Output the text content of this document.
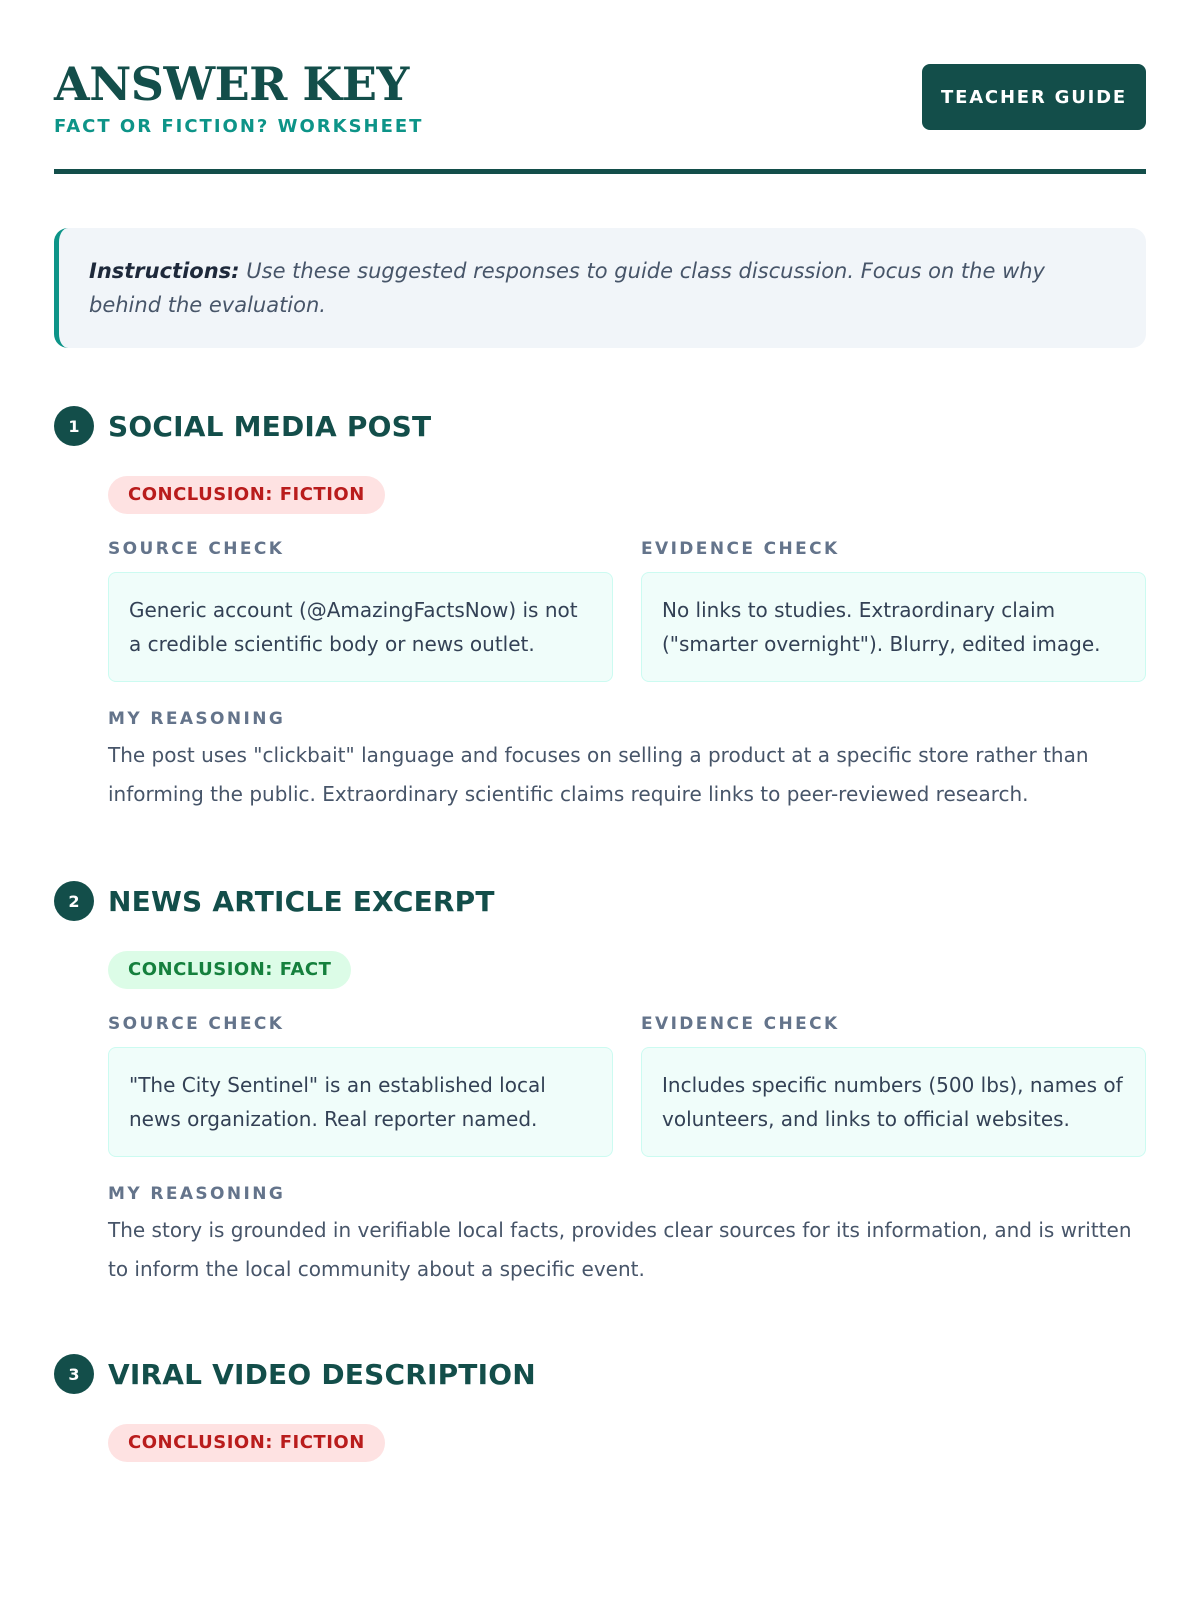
ANSWER KEY
FACT OR FICTION? WORKSHEET
TEACHER GUIDE
Instructions: Use these suggested responses to guide class discussion. Focus on the why behind the evaluation.
1	SOCIAL MEDIA POST
CONCLUSION: FICTION
SOURCE CHECK
Generic account (@AmazingFactsNow) is not a credible scientific body or news outlet.
EVIDENCE CHECK
No links to studies. Extraordinary claim ("smarter overnight"). Blurry, edited image.
MY REASONING
The post uses "clickbait" language and focuses on selling a product at a specific store rather than informing the public. Extraordinary scientific claims require links to peer-reviewed research.
2	NEWS ARTICLE EXCERPT
CONCLUSION: FACT
SOURCE CHECK
"The City Sentinel" is an established local news organization. Real reporter named.
EVIDENCE CHECK
Includes specific numbers (500 lbs), names of volunteers, and links to official websites.
MY REASONING
The story is grounded in verifiable local facts, provides clear sources for its information, and is written to inform the local community about a specific event.
3	VIRAL VIDEO DESCRIPTION
CONCLUSION: FICTION
